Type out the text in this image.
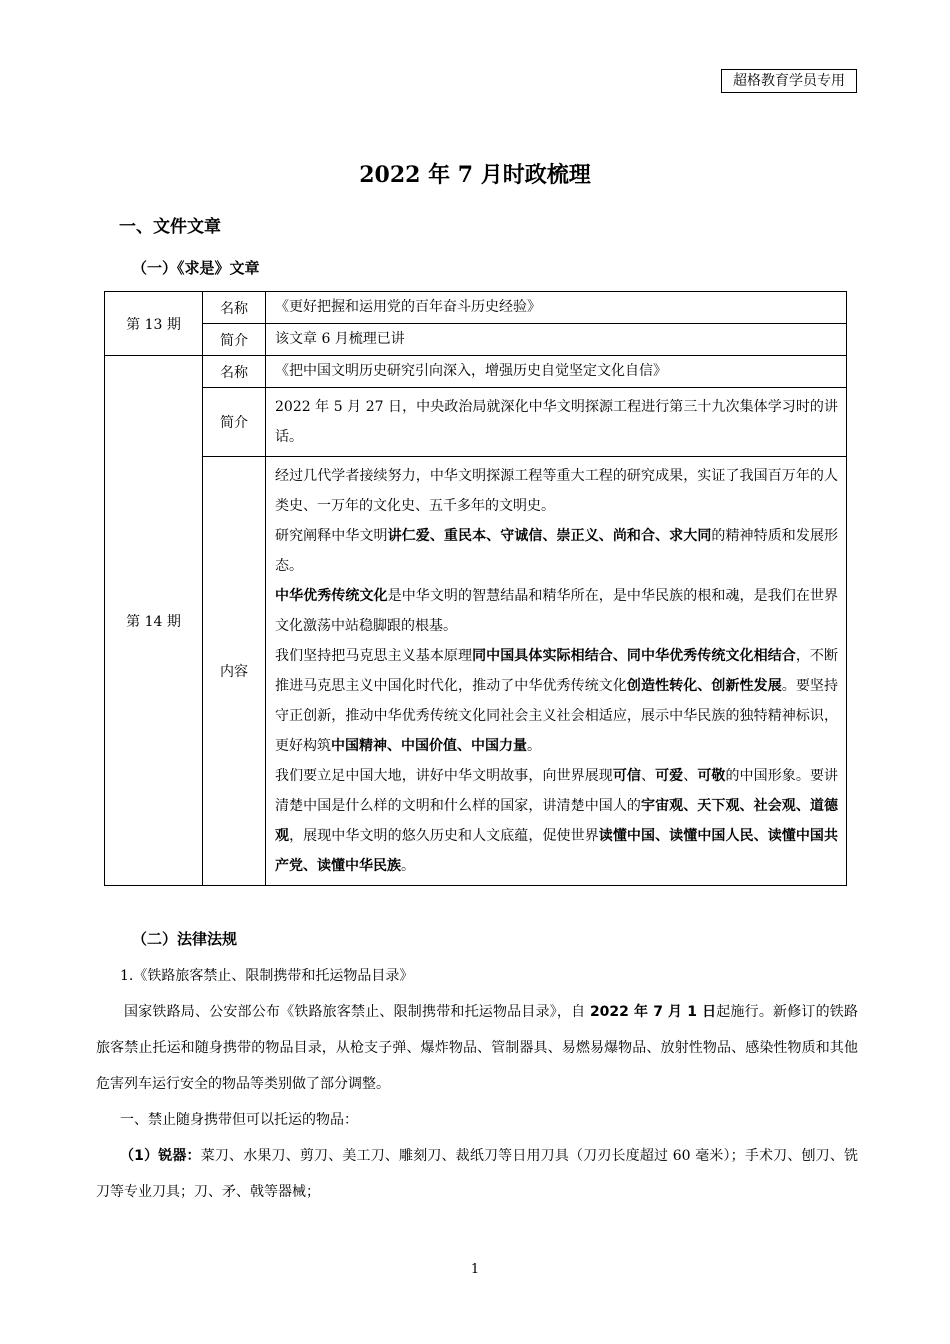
超格教育学员专用
2022 年 7 月时政梳理
一、文件文章
（一）《求是》文章
第 13 期	名称	《更好把握和运用党的百年奋斗历史经验》
	简介	该文章 6 月梳理已讲
第 14 期	名称	《把中国文明历史研究引向深入，增强历史自觉坚定文化自信》
	简介	2022 年 5 月 27 日，中央政治局就深化中华文明探源工程进行第三十九次集体学习时的讲话。
	内容	经过几代学者接续努力，中华文明探源工程等重大工程的研究成果，实证了我国百万年的人类史、一万年的文化史、五千多年的文明史。

研究阐释中华文明讲仁爱、重民本、守诚信、崇正义、尚和合、求大同的精神特质和发展形态。

中华优秀传统文化是中华文明的智慧结晶和精华所在，是中华民族的根和魂，是我们在世界文化激荡中站稳脚跟的根基。

我们坚持把马克思主义基本原理同中国具体实际相结合、同中华优秀传统文化相结合，不断推进马克思主义中国化时代化，推动了中华优秀传统文化创造性转化、创新性发展。要坚持守正创新，推动中华优秀传统文化同社会主义社会相适应，展示中华民族的独特精神标识，更好构筑中国精神、中国价值、中国力量。

我们要立足中国大地，讲好中华文明故事，向世界展现可信、可爱、可敬的中国形象。要讲清楚中国是什么样的文明和什么样的国家，讲清楚中国人的宇宙观、天下观、社会观、道德观，展现中华文明的悠久历史和人文底蕴，促使世界读懂中国、读懂中国人民、读懂中国共产党、读懂中华民族。

（二）法律法规
1.《铁路旅客禁止、限制携带和托运物品目录》
国家铁路局、公安部公布《铁路旅客禁止、限制携带和托运物品目录》，自 2022 年 7 月 1 日起施行。新修订的铁路旅客禁止托运和随身携带的物品目录，从枪支子弹、爆炸物品、管制器具、易燃易爆物品、放射性物品、感染性物质和其他危害列车运行安全的物品等类别做了部分调整。
一、禁止随身携带但可以托运的物品：
（1）锐器：菜刀、水果刀、剪刀、美工刀、雕刻刀、裁纸刀等日用刀具（刀刃长度超过 60 毫米）；手术刀、刨刀、铣刀等专业刀具；刀、矛、戟等器械；
1
